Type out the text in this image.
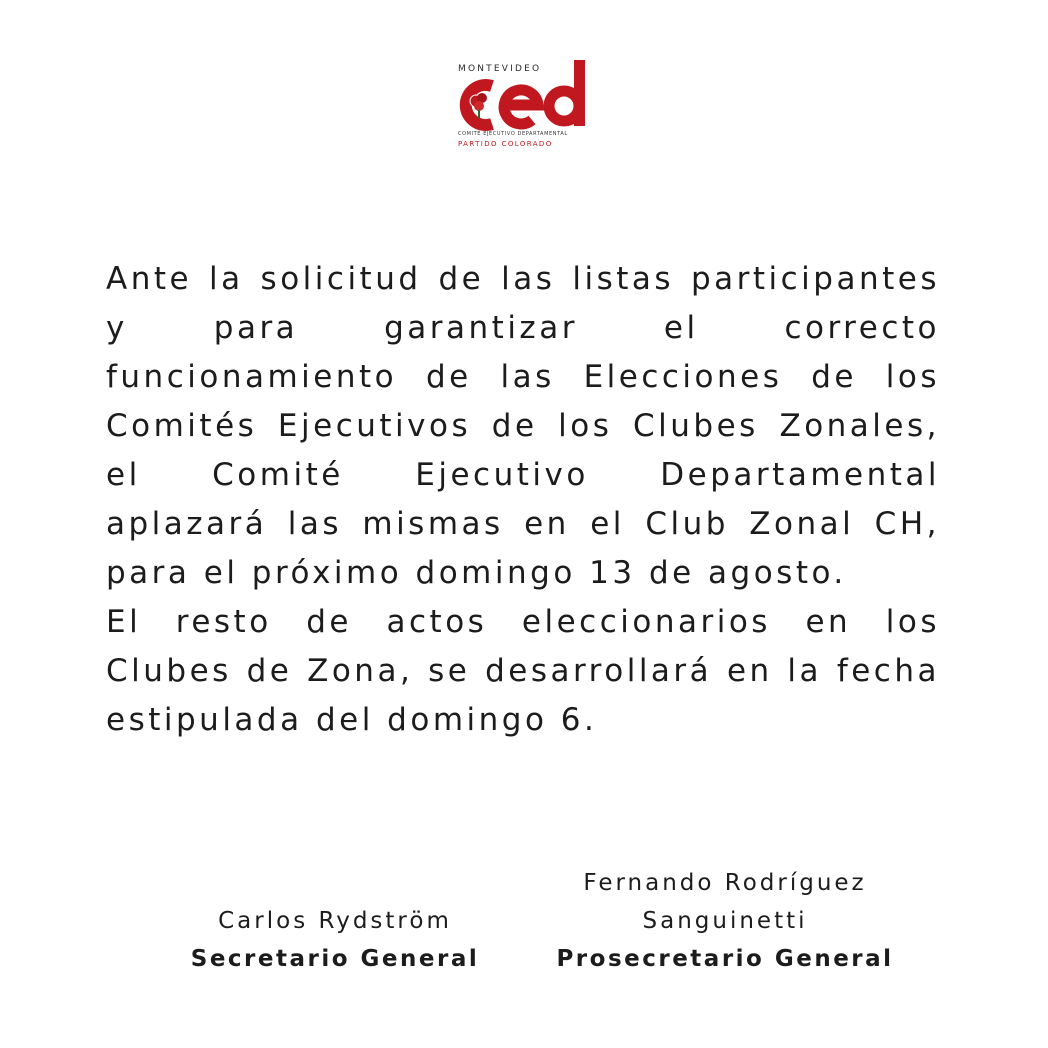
MONTEVIDEO
COMITÉ EJECUTIVO DEPARTAMENTAL
PARTIDO COLORADO

Ante la solicitud de las listas participantes y para garantizar el correcto funcionamiento de las Elecciones de los Comités Ejecutivos de los Clubes Zonales, el Comité Ejecutivo Departamental aplazará las mismas en el Club Zonal CH, para el próximo domingo 13 de agosto.

El resto de actos eleccionarios en los Clubes de Zona, se desarrollará en la fecha estipulada del domingo 6.

Carlos Rydström
Secretario General
Fernando Rodríguez
Sanguinetti
Prosecretario General
